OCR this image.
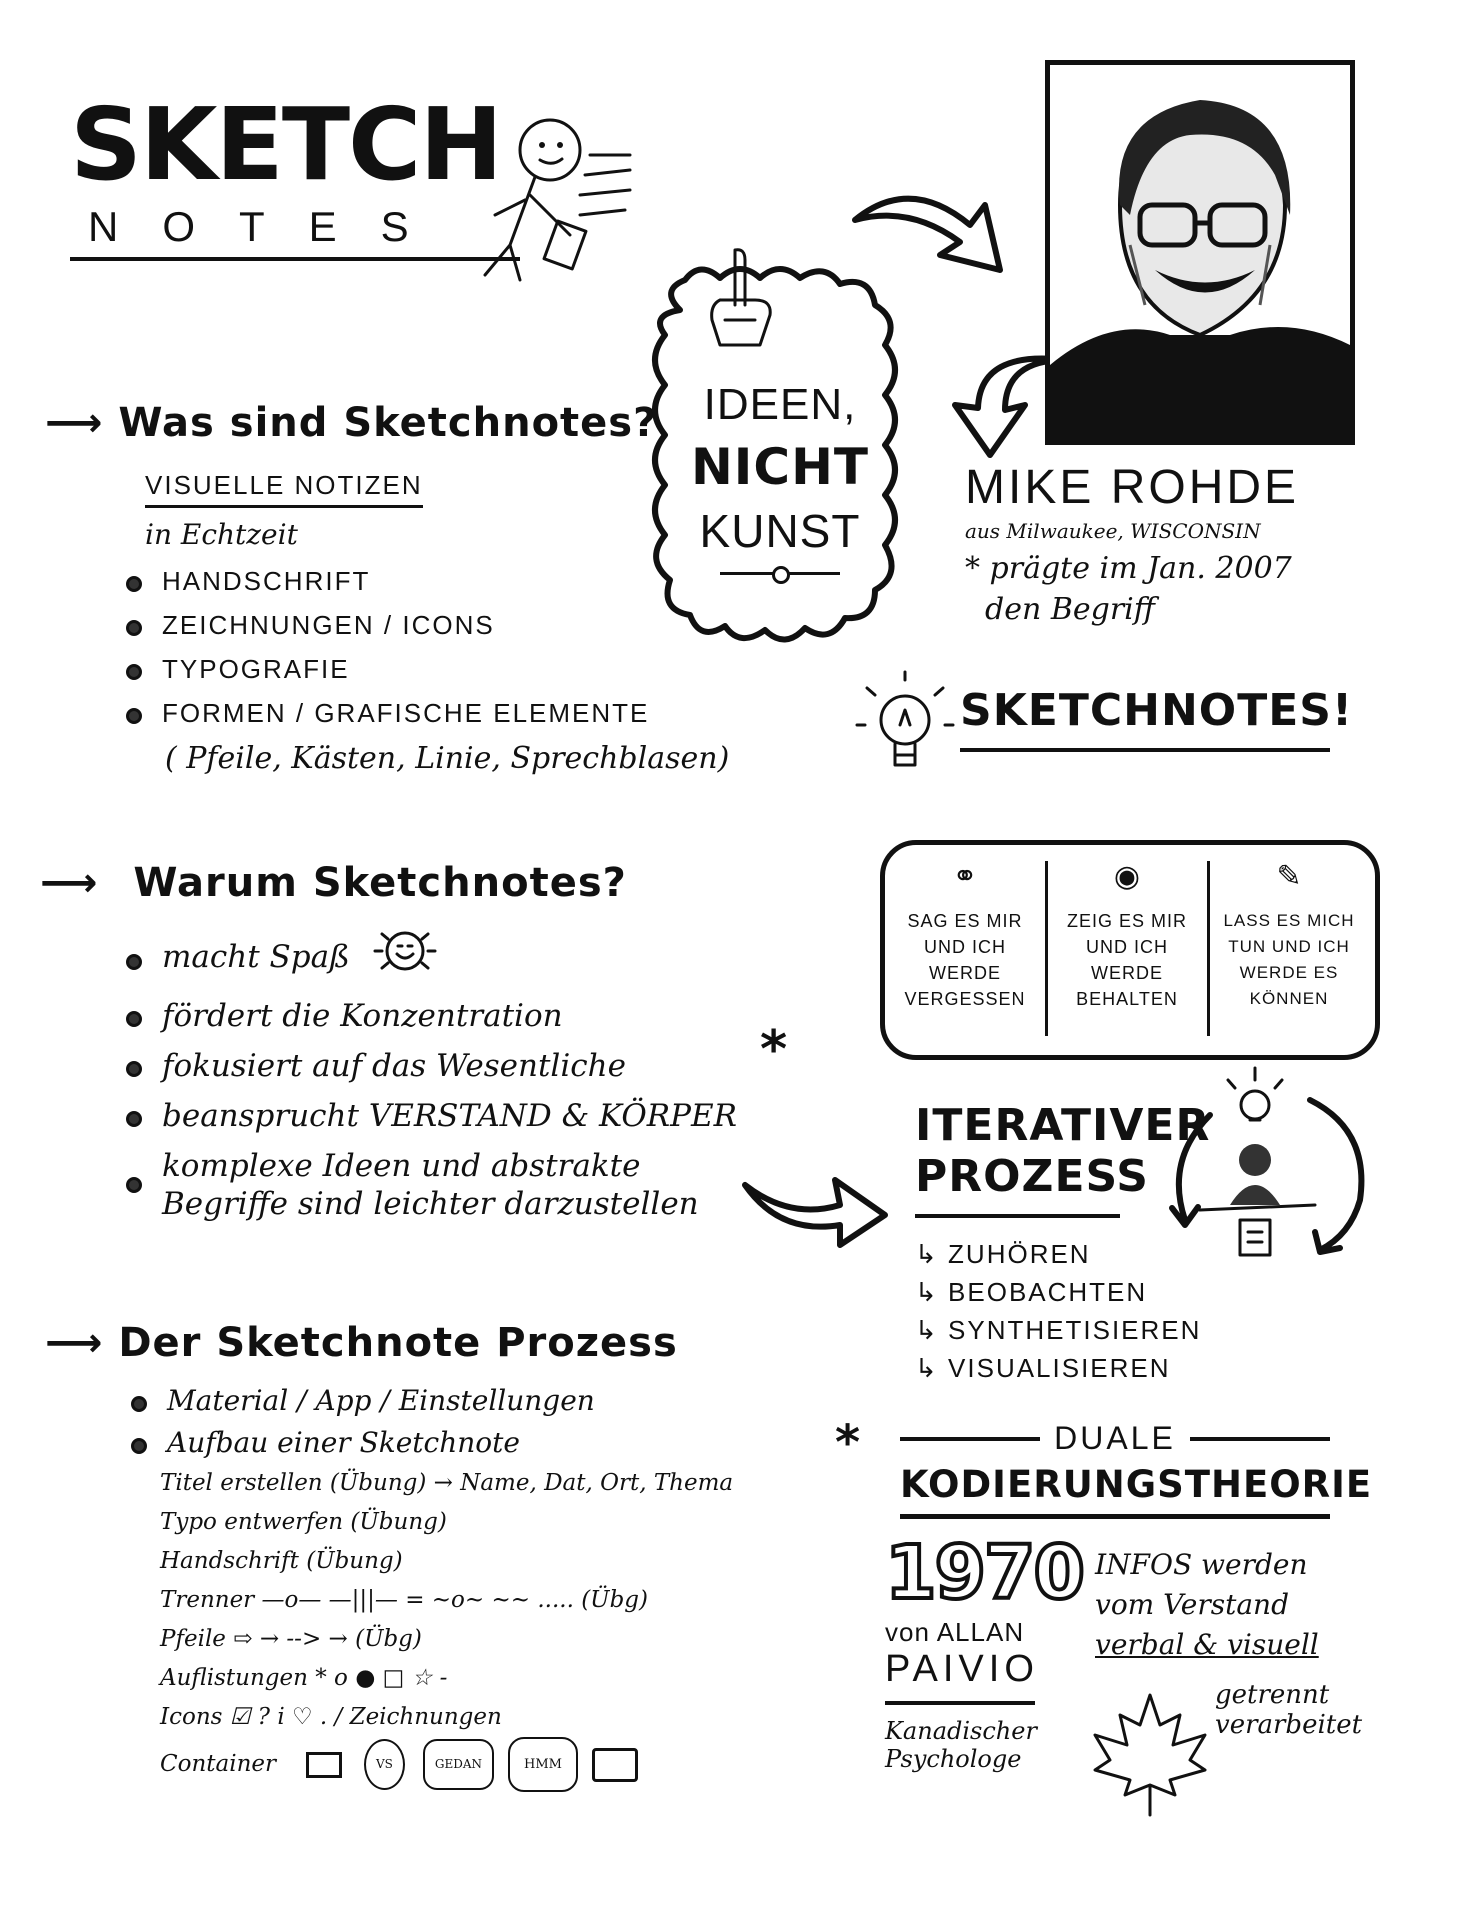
SKETCH
NOTES
⟶ Was sind Sketchnotes?
VISUELLE NOTIZEN
in Echtzeit
HANDSCHRIFT
ZEICHNUNGEN / ICONS
TYPOGRAFIE
FORMEN / GRAFISCHE ELEMENTE
( Pfeile, Kästen, Linie, Sprechblasen)
⟶ Warum Sketchnotes?
macht Spaß
fördert die Konzentration
fokusiert auf das Wesentliche
beansprucht VERSTAND & KÖRPER
komplexe Ideen und abstrakte Begriffe sind leichter darzustellen
*
⟶ Der Sketchnote Prozess
Material / App / Einstellungen
Aufbau einer Sketchnote
Titel erstellen (Übung) → Name, Dat, Ort, Thema
Typo entwerfen (Übung)
Handschrift (Übung)
Trenner —o— —|||— = ~o~ ~~ ..... (Übg)
Pfeile ⇨ → --> → (Übg)
Auflistungen * o ● □ ☆ -
Icons ☑ ? i ♡ . / Zeichnungen
Container	VS	GEDAN	HMM
IDEEN,
NICHT
KUNST
MIKE ROHDE
aus Milwaukee, WISCONSIN
* prägte im Jan. 2007
den Begriff
SKETCHNOTES!
⚭
SAG ES MIR UND ICH WERDE VERGESSEN
◉
ZEIG ES MIR UND ICH WERDE BEHALTEN
✎
LASS ES MICH TUN UND ICH WERDE ES KÖNNEN
ITERATIVER
PROZESS
↳ ZUHÖREN
↳ BEOBACHTEN
↳ SYNTHETISIEREN
↳ VISUALISIEREN
*	DUALE
KODIERUNGSTHEORIE
1970
von ALLAN
PAIVIO
Kanadischer
Psychologe
INFOS werden
vom Verstand
verbal & visuell
getrennt
verarbeitet
